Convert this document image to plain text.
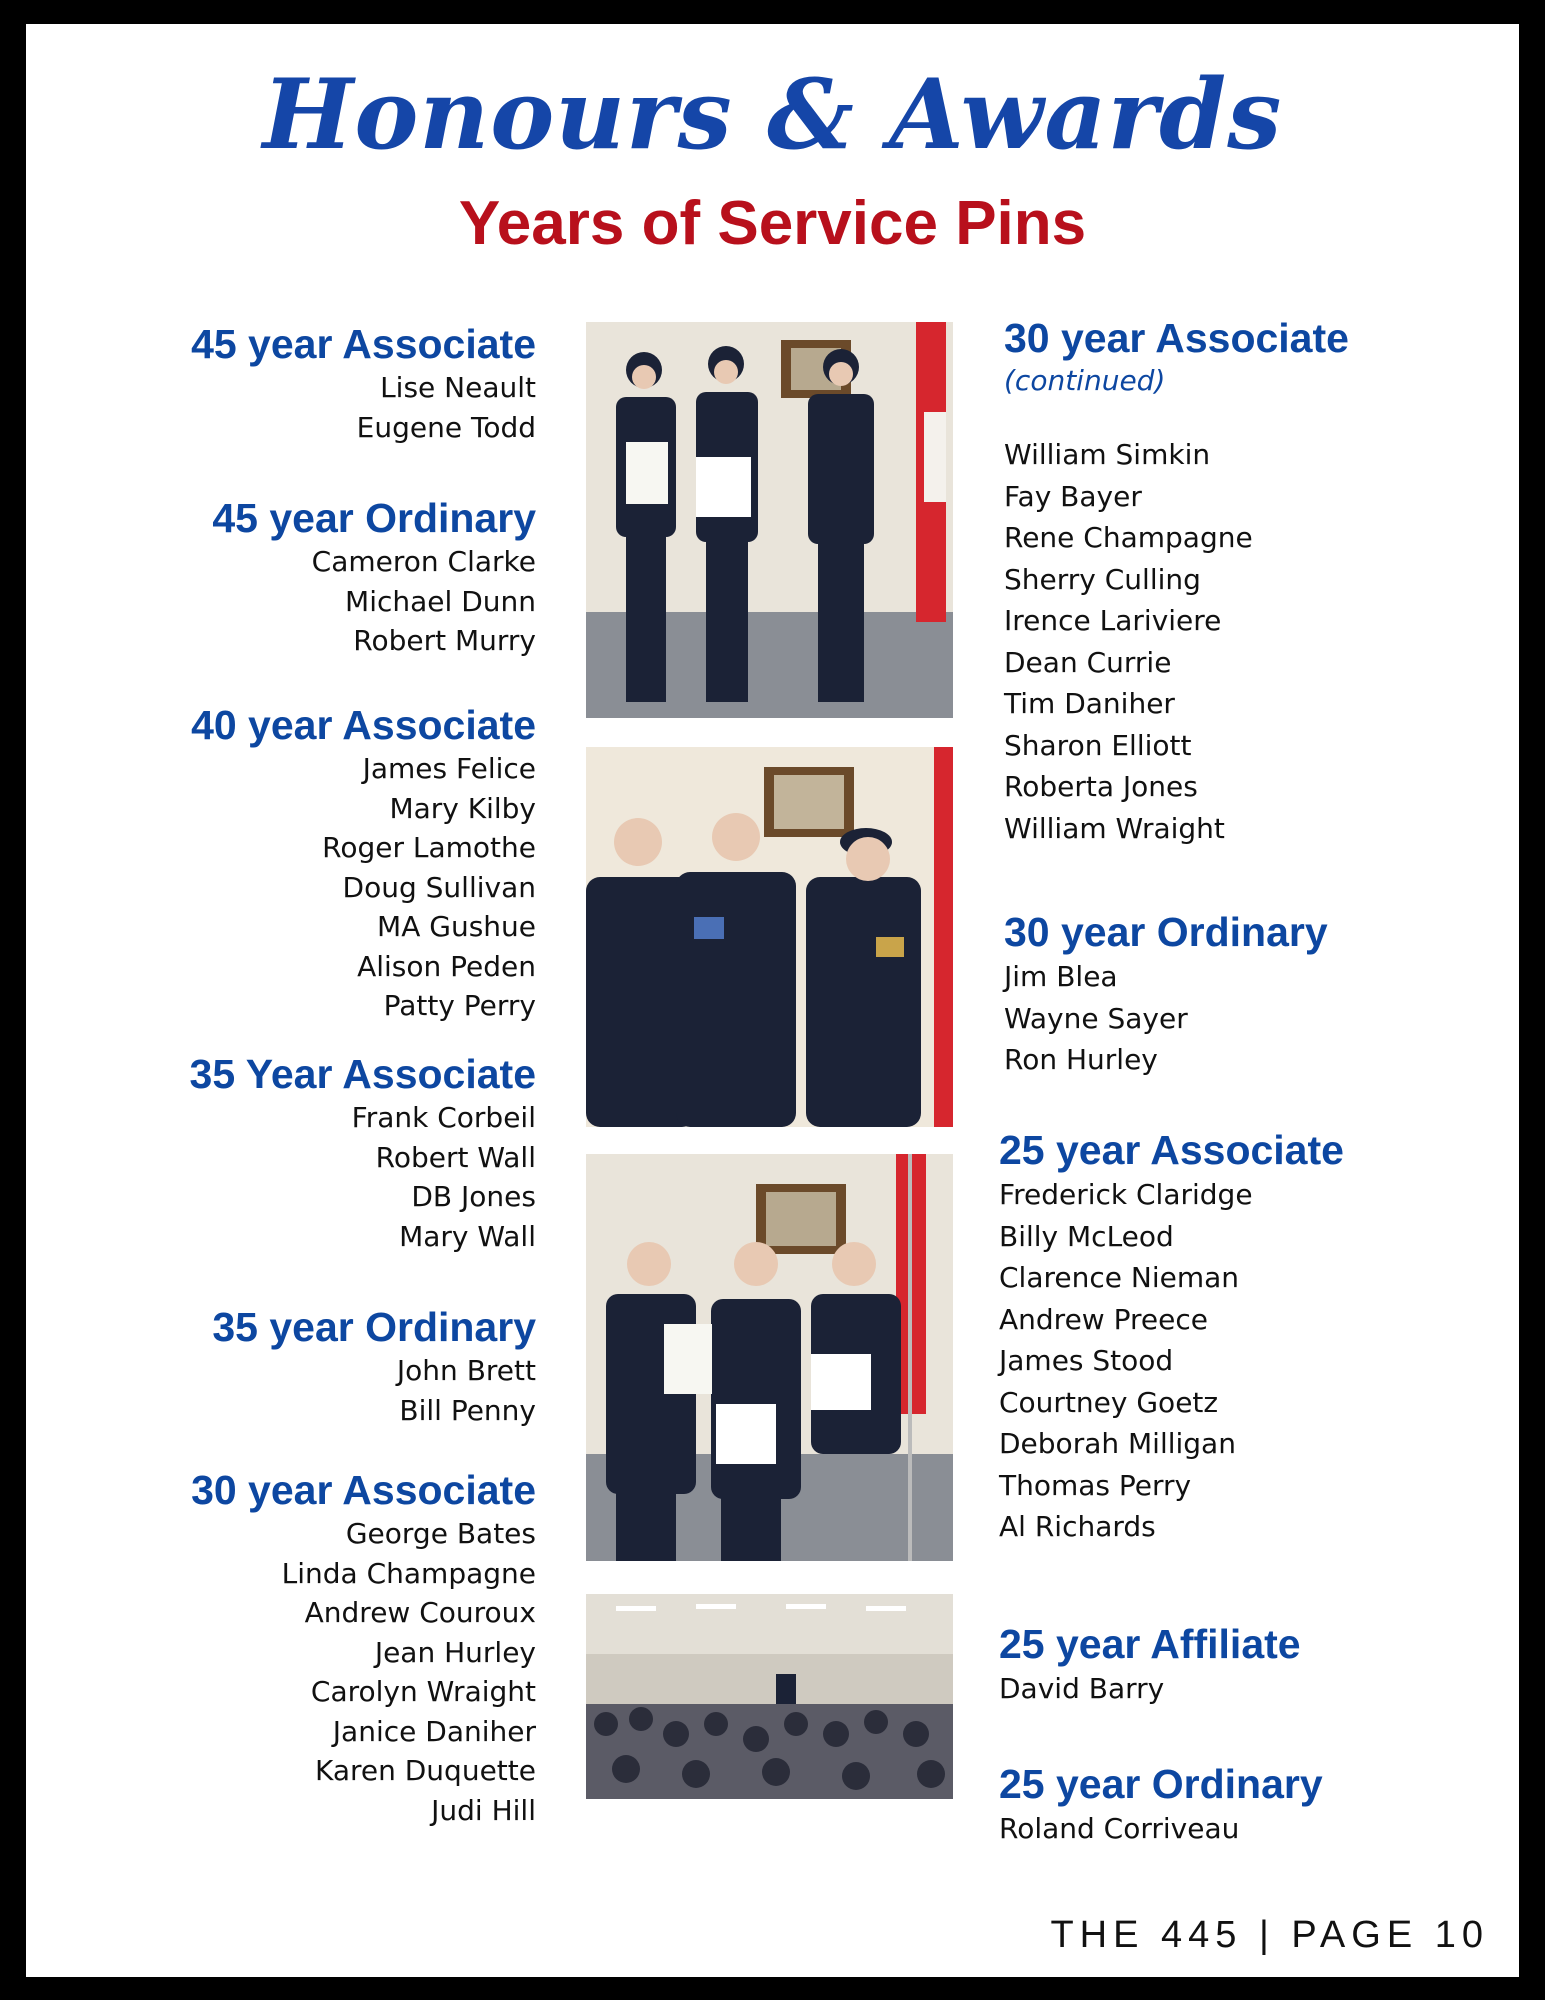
Honours & Awards
Years of Service Pins
45 year Associate
Lise Neault
Eugene Todd
45 year Ordinary
Cameron Clarke
Michael Dunn
Robert Murry
40 year Associate
James Felice
Mary Kilby
Roger Lamothe
Doug Sullivan
MA Gushue
Alison Peden
Patty Perry
35 Year Associate
Frank Corbeil
Robert Wall
DB Jones
Mary Wall
35 year Ordinary
John Brett
Bill Penny
30 year Associate
George Bates
Linda Champagne
Andrew Couroux
Jean Hurley
Carolyn Wraight
Janice Daniher
Karen Duquette
Judi Hill
30 year Associate

(continued)

William Simkin
Fay Bayer
Rene Champagne
Sherry Culling
Irence Lariviere
Dean Currie
Tim Daniher
Sharon Elliott
Roberta Jones
William Wraight
30 year Ordinary
Jim Blea
Wayne Sayer
Ron Hurley
25 year Associate
Frederick Claridge
Billy McLeod
Clarence Nieman
Andrew Preece
James Stood
Courtney Goetz
Deborah Milligan
Thomas Perry
Al Richards
25 year Affiliate
David Barry
25 year Ordinary
Roland Corriveau
THE 445 | PAGE 10
